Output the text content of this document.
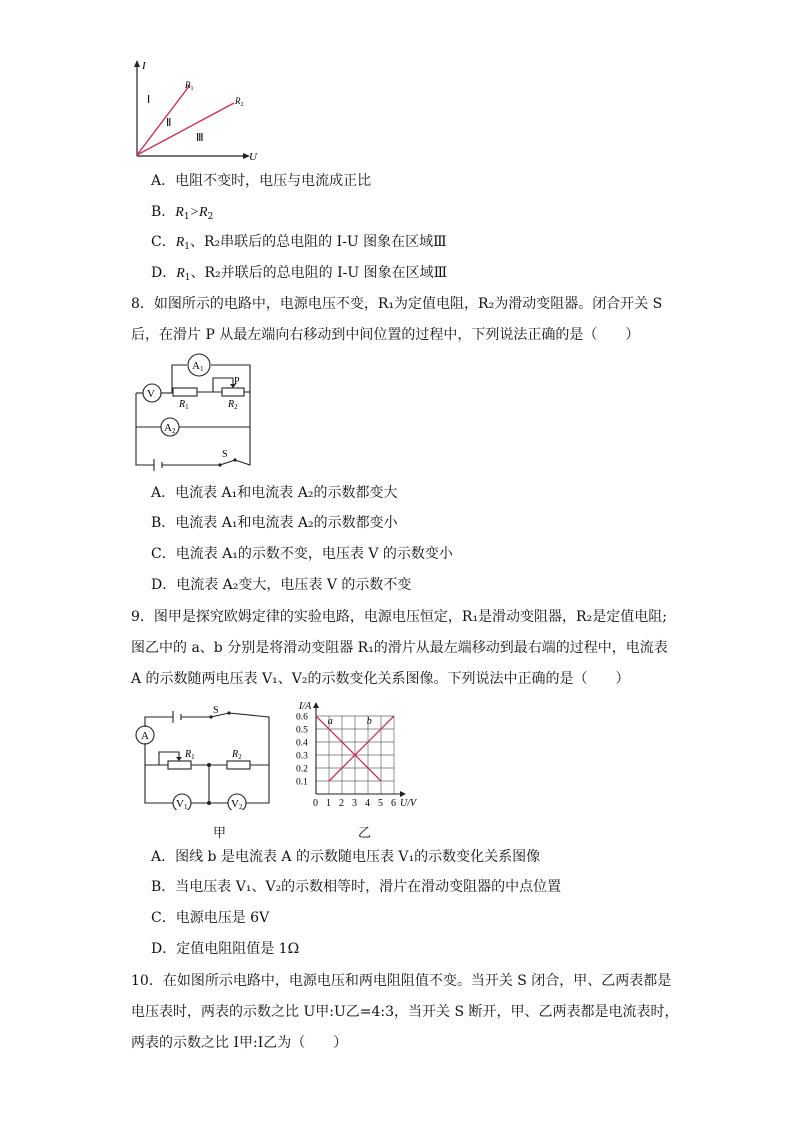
I
U
$R_1$
$R_2$
Ⅰ
Ⅱ
Ⅲ
A．电阻不变时，电压与电流成正比
B．$R_1>R_2$
C．$R_1$、R₂串联后的总电阻的 I-U 图象在区域Ⅲ
D．$R_1$、R₂并联后的总电阻的 I-U 图象在区域Ⅲ
8．如图所示的电路中，电源电压不变，R₁为定值电阻，R₂为滑动变阻器。闭合开关 S
后，在滑片 P 从最左端向右移动到中间位置的过程中，下列说法正确的是（　　）
V
A1
A2
$R_1$	$R_2$
P
S
A．电流表 A₁和电流表 A₂的示数都变大
B．电流表 A₁和电流表 A₂的示数都变小
C．电流表 A₁的示数不变，电压表 V 的示数变小
D．电流表 A₂变大，电压表 V 的示数不变
9．图甲是探究欧姆定律的实验电路，电源电压恒定，R₁是滑动变阻器，R₂是定值电阻;
图乙中的 a、b 分别是将滑动变阻器 R₁的滑片从最左端移动到最右端的过程中，电流表
A 的示数随两电压表 V₁、V₂的示数变化关系图像。下列说法中正确的是（　　）
A
S
$R_1$	$R_2$
V1	V2
甲
a	b
0 1 2 3 4 5 6
0.1
0.2
0.3
0.4
0.5
0.6
I/A
U/V
乙
A．图线 b 是电流表 A 的示数随电压表 V₁的示数变化关系图像
B．当电压表 V₁、V₂的示数相等时，滑片在滑动变阻器的中点位置
C．电源电压是 6V
D．定值电阻阻值是 1Ω
10．在如图所示电路中，电源电压和两电阻阻值不变。当开关 S 闭合，甲、乙两表都是
电压表时，两表的示数之比 U甲:U乙=4:3，当开关 S 断开，甲、乙两表都是电流表时，
两表的示数之比 I甲:I乙为（　　）
